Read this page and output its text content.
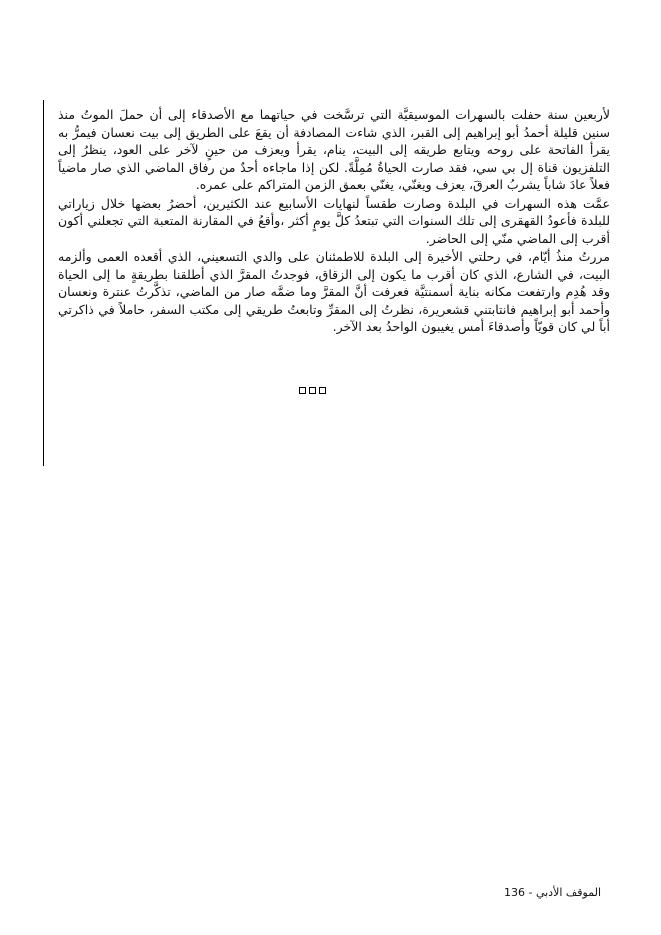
لأربعين سنة حفلت بالسهرات الموسيقيَّة التي ترسَّخت في حياتهما مع الأصدقاء إلى أن حملَ الموتُ منذ سنين قليلة أحمدُ أبو إبراهيم إلى القبر، الذي شاءت المصادفة أن يقعَ على الطريق إلى بيت نعسان فيمرُّ به يقرأ الفاتحة على روحه ويتابع طريقه إلى البيت، ينام، يقرأ ويعزف من حينٍ لآخر على العود، ينظرُ إلى التلفزيون قناة إل بي سي، فقد صارت الحياةُ مُمِلَّةً. لكن إذا ماجاءه أحدٌ من رفاق الماضي الذي صار ماضياً فعلاً عادَ شاباً يشربُ العرقَ، يعزف ويغنّي، يغنّي بعمق الزمن المتراكم على عمره.

عمَّت هذه السهرات في البلدة وصارت طقساً لنهايات الأسابيع عند الكثيرين، أحضرُ بعضها خلال زياراتي للبلدة فأعودُ القهقرى إلى تلك السنوات التي تبتعدُ كلَّ يومٍ أكثر ،وأقعُ في المقارنة المتعبة التي تجعلني أكون أقرب إلى الماضي منّي إلى الحاضر.

مررتُ منذُ أيّام، في رحلتي الأخيرة إلى البلدة للاطمئنان على والدي التسعيني، الذي أقعده العمى وألزمه البيت، في الشارع، الذي كان أقرب ما يكون إلى الزقاق، فوجدتُ المقرَّ الذي أطلقنا بطريقةٍ ما إلى الحياة وقد هُدِم وارتفعت مكانه بناية أسمنتيَّة فعرفت أنَّ المقرَّ وما ضمَّه صار من الماضي، تذكَّرتُ عنترة ونعسان وأحمد أبو إبراهيم فانتابتني قشعريرة، نظرتُ إلى المقرِّ وتابعتُ طريقي إلى مكتب السفر، حاملاً في ذاكرتي أباً لي كان قويّاً وأصدقاءَ أمس يغيبون الواحدُ بعد الآخر.

الموقف الأدبي - 136
